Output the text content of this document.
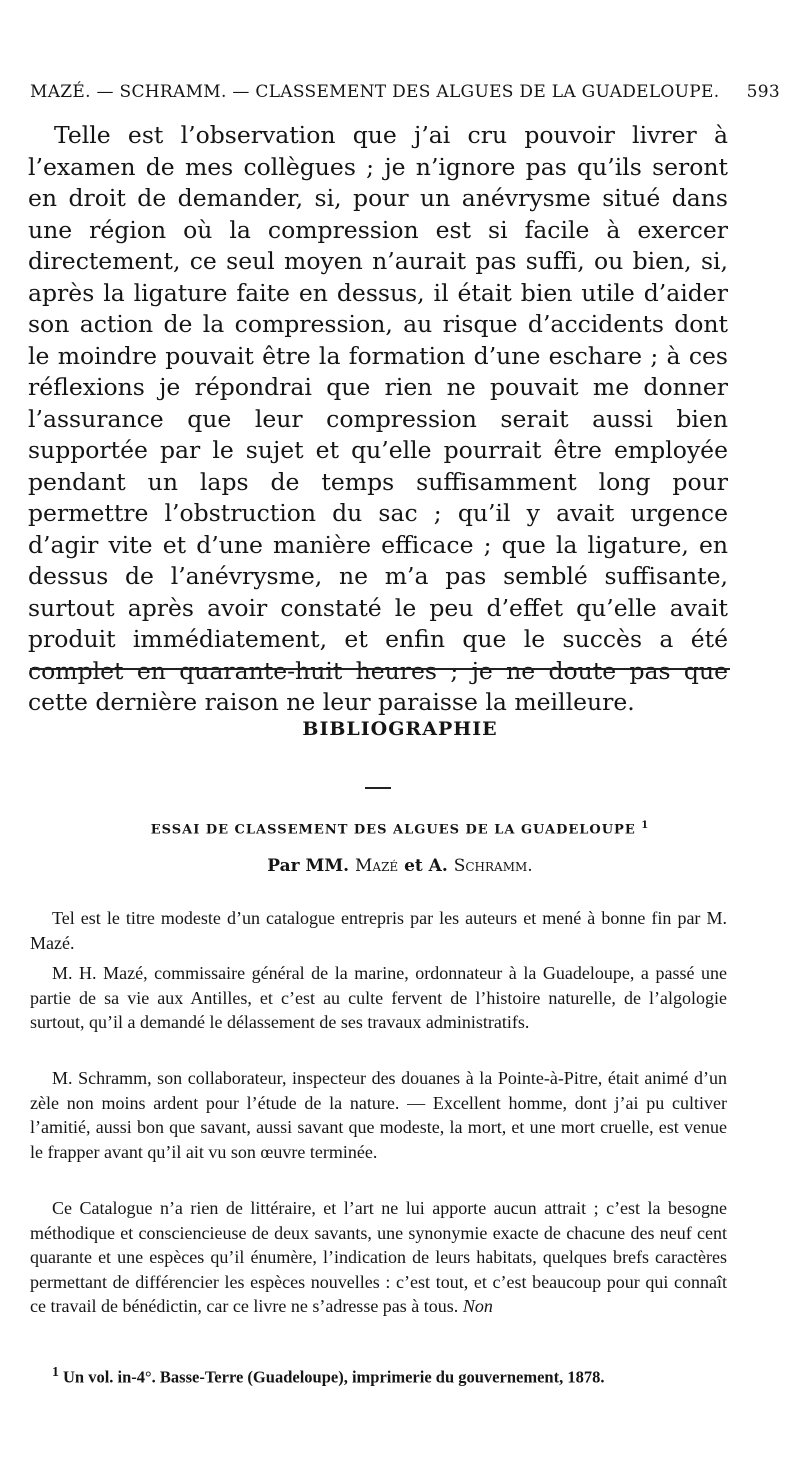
MAZÉ. — SCHRAMM. — CLASSEMENT DES ALGUES DE LA GUADELOUPE. 593

Telle est l’observation que j’ai cru pouvoir livrer à l’examen de mes collègues ; je n’ignore pas qu’ils seront en droit de demander, si, pour un anévrysme situé dans une région où la compression est si facile à exercer directement, ce seul moyen n’aurait pas suffi, ou bien, si, après la ligature faite en dessus, il était bien utile d’aider son action de la compression, au risque d’accidents dont le moindre pouvait être la formation d’une eschare ; à ces réflexions je répondrai que rien ne pouvait me donner l’assurance que leur compression serait aussi bien supportée par le sujet et qu’elle pourrait être employée pendant un laps de temps suffisamment long pour permettre l’obstruction du sac ; qu’il y avait urgence d’agir vite et d’une manière efficace ; que la ligature, en dessus de l’anévrysme, ne m’a pas semblé suffisante, surtout après avoir constaté le peu d’effet qu’elle avait produit immédiatement, et enfin que le succès a été complet en quarante-huit heures ; je ne doute pas que cette dernière raison ne leur paraisse la meilleure.

BIBLIOGRAPHIE
ESSAI DE CLASSEMENT DES ALGUES DE LA GUADELOUPE $^1$
Par MM. Mazé et A. Schramm.

Tel est le titre modeste d’un catalogue entrepris par les auteurs et mené à bonne fin par M. Mazé.

M. H. Mazé, commissaire général de la marine, ordonnateur à la Guadeloupe, a passé une partie de sa vie aux Antilles, et c’est au culte fervent de l’histoire naturelle, de l’algologie surtout, qu’il a demandé le délassement de ses travaux administratifs.

M. Schramm, son collaborateur, inspecteur des douanes à la Pointe-à-Pitre, était animé d’un zèle non moins ardent pour l’étude de la nature. — Excellent homme, dont j’ai pu cultiver l’amitié, aussi bon que savant, aussi savant que modeste, la mort, et une mort cruelle, est venue le frapper avant qu’il ait vu son œuvre terminée.

Ce Catalogue n’a rien de littéraire, et l’art ne lui apporte aucun attrait ; c’est la besogne méthodique et consciencieuse de deux savants, une synonymie exacte de chacune des neuf cent quarante et une espèces qu’il énumère, l’indication de leurs habitats, quelques brefs caractères permettant de différencier les espèces nouvelles : c’est tout, et c’est beaucoup pour qui connaît ce travail de bénédictin, car ce livre ne s’adresse pas à tous. Non

$^1$ Un vol. in-4°. Basse-Terre (Guadeloupe), imprimerie du gouvernement, 1878.
